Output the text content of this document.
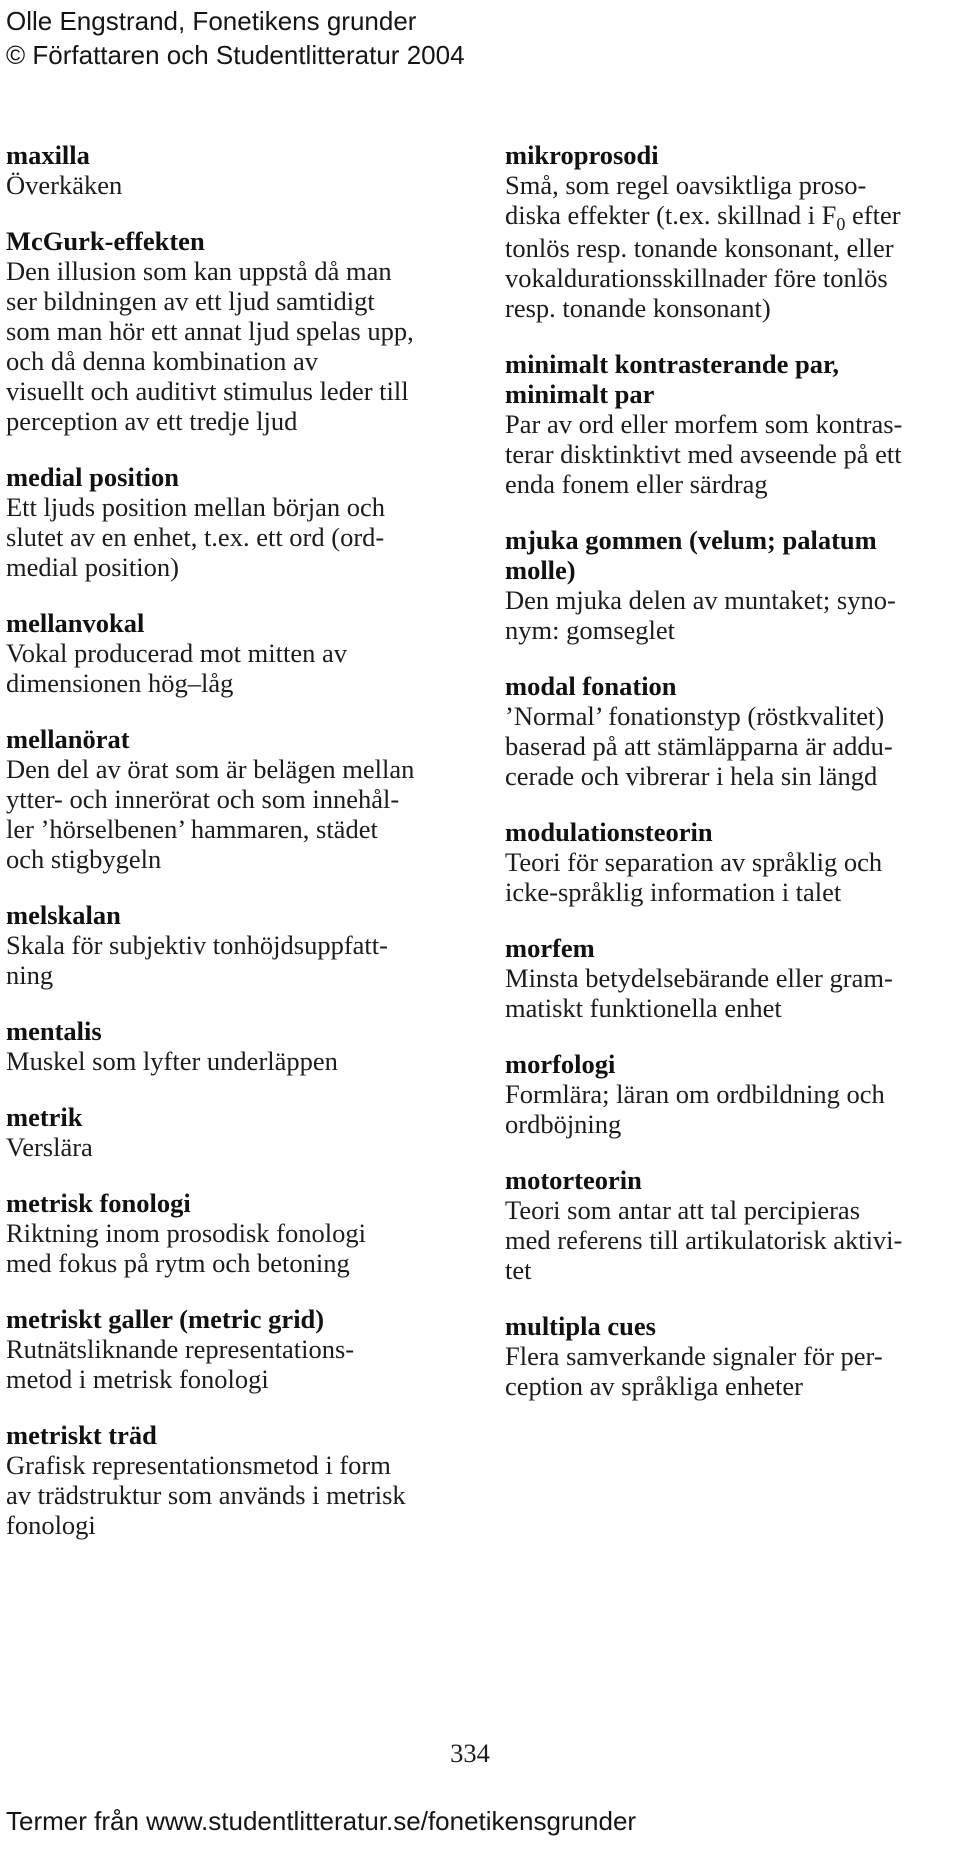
Olle Engstrand, Fonetikens grunder
© Författaren och Studentlitteratur 2004
maxilla
Överkäken
McGurk-effekten
Den illusion som kan uppstå då man
ser bildningen av ett ljud samtidigt
som man hör ett annat ljud spelas upp,
och då denna kombination av
visuellt och auditivt stimulus leder till
perception av ett tredje ljud
medial position
Ett ljuds position mellan början och
slutet av en enhet, t.ex. ett ord (ord-
medial position)
mellanvokal
Vokal producerad mot mitten av
dimensionen hög–låg
mellanörat
Den del av örat som är belägen mellan
ytter- och innerörat och som innehål-
ler ’hörselbenen’ hammaren, städet
och stigbygeln
melskalan
Skala för subjektiv tonhöjdsuppfatt-
ning
mentalis
Muskel som lyfter underläppen
metrik
Verslära
metrisk fonologi
Riktning inom prosodisk fonologi
med fokus på rytm och betoning
metriskt galler (metric grid)
Rutnätsliknande representations-
metod i metrisk fonologi
metriskt träd
Grafisk representationsmetod i form
av trädstruktur som används i metrisk
fonologi
mikroprosodi
Små, som regel oavsiktliga proso-
diska effekter (t.ex. skillnad i $F_0$ efter
tonlös resp. tonande konsonant, eller
vokaldurationsskillnader före tonlös
resp. tonande konsonant)
minimalt kontrasterande par,
minimalt par
Par av ord eller morfem som kontras-
terar disktinktivt med avseende på ett
enda fonem eller särdrag
mjuka gommen (velum; palatum
molle)
Den mjuka delen av muntaket; syno-
nym: gomseglet
modal fonation
’Normal’ fonationstyp (röstkvalitet)
baserad på att stämläpparna är addu-
cerade och vibrerar i hela sin längd
modulationsteorin
Teori för separation av språklig och
icke-språklig information i talet
morfem
Minsta betydelsebärande eller gram-
matiskt funktionella enhet
morfologi
Formlära; läran om ordbildning och
ordböjning
motorteorin
Teori som antar att tal percipieras
med referens till artikulatorisk aktivi-
tet
multipla cues
Flera samverkande signaler för per-
ception av språkliga enheter
334
Termer från www.studentlitteratur.se/fonetikensgrunder
